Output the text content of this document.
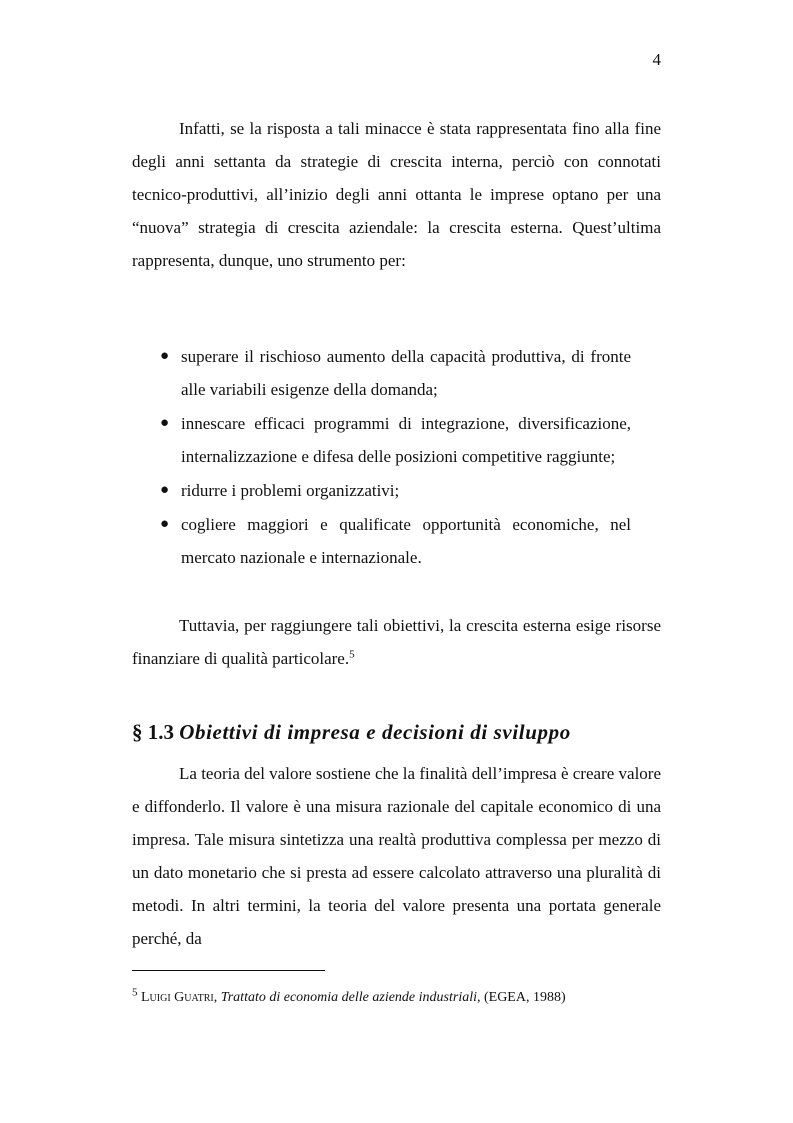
4

Infatti, se la risposta a tali minacce è stata rappresentata fino alla fine degli anni settanta da strategie di crescita interna, perciò con connotati tecnico-produttivi, all’inizio degli anni ottanta le imprese optano per una “nuova” strategia di crescita aziendale: la crescita esterna. Quest’ultima rappresenta, dunque, uno strumento per:

● superare il rischioso aumento della capacità produttiva, di fronte alle variabili esigenze della domanda;
● innescare efficaci programmi di integrazione, diversificazione, internalizzazione e difesa delle posizioni competitive raggiunte;
● ridurre i problemi organizzativi;
● cogliere maggiori e qualificate opportunità economiche, nel mercato nazionale e internazionale.

Tuttavia, per raggiungere tali obiettivi, la crescita esterna esige risorse finanziare di qualità particolare.$^5$

§ 1.3 Obiettivi di impresa e decisioni di sviluppo

La teoria del valore sostiene che la finalità dell’impresa è creare valore e diffonderlo. Il valore è una misura razionale del capitale economico di una impresa. Tale misura sintetizza una realtà produttiva complessa per mezzo di un dato monetario che si presta ad essere calcolato attraverso una pluralità di metodi. In altri termini, la teoria del valore presenta una portata generale perché, da

$^5$ Luigi Guatri, Trattato di economia delle aziende industriali, (EGEA, 1988)
